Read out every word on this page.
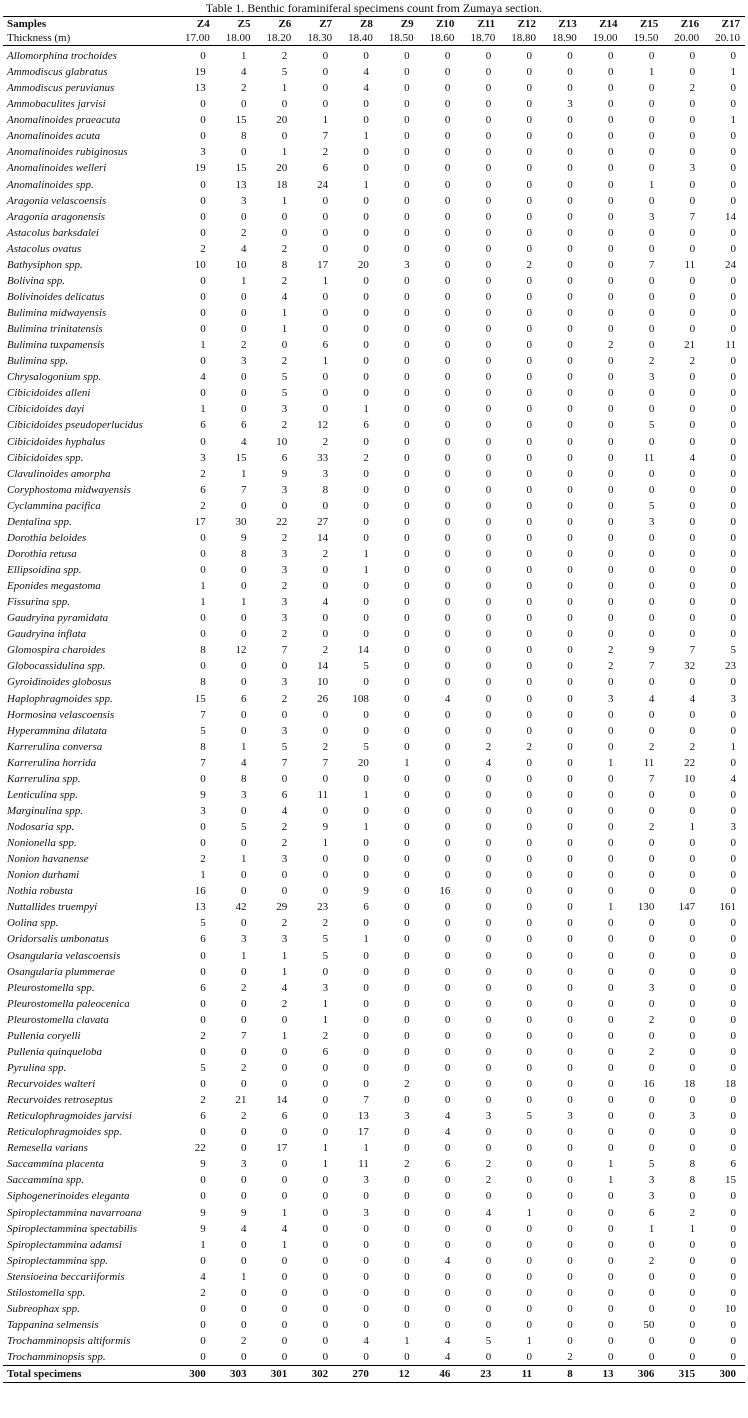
Table 1. Benthic foraminiferal specimens count from Zumaya section.
Samples	Z4	Z5	Z6	Z7	Z8	Z9	Z10	Z11	Z12	Z13	Z14	Z15	Z16	Z17
Thickness (m)	17.00	18.00	18.20	18.30	18.40	18.50	18.60	18.70	18.80	18.90	19.00	19.50	20.00	20.10
Allomorphina trochoides	0	1	2	0	0	0	0	0	0	0	0	0	0	0
Ammodiscus glabratus	19	4	5	0	4	0	0	0	0	0	0	1	0	1
Ammodiscus peruvianus	13	2	1	0	4	0	0	0	0	0	0	0	2	0
Ammobaculites jarvisi	0	0	0	0	0	0	0	0	0	3	0	0	0	0
Anomalinoides praeacuta	0	15	20	1	0	0	0	0	0	0	0	0	0	1
Anomalinoides acuta	0	8	0	7	1	0	0	0	0	0	0	0	0	0
Anomalinoides rubiginosus	3	0	1	2	0	0	0	0	0	0	0	0	0	0
Anomalinoides welleri	19	15	20	6	0	0	0	0	0	0	0	0	3	0
Anomalinoides spp.	0	13	18	24	1	0	0	0	0	0	0	1	0	0
Aragonia velascoensis	0	3	1	0	0	0	0	0	0	0	0	0	0	0
Aragonia aragonensis	0	0	0	0	0	0	0	0	0	0	0	3	7	14
Astacolus barksdalei	0	2	0	0	0	0	0	0	0	0	0	0	0	0
Astacolus ovatus	2	4	2	0	0	0	0	0	0	0	0	0	0	0
Bathysiphon spp.	10	10	8	17	20	3	0	0	2	0	0	7	11	24
Bolivina spp.	0	1	2	1	0	0	0	0	0	0	0	0	0	0
Bolivinoides delicatus	0	0	4	0	0	0	0	0	0	0	0	0	0	0
Bulimina midwayensis	0	0	1	0	0	0	0	0	0	0	0	0	0	0
Bulimina trinitatensis	0	0	1	0	0	0	0	0	0	0	0	0	0	0
Bulimina tuxpamensis	1	2	0	6	0	0	0	0	0	0	2	0	21	11
Bulimina spp.	0	3	2	1	0	0	0	0	0	0	0	2	2	0
Chrysalogonium spp.	4	0	5	0	0	0	0	0	0	0	0	3	0	0
Cibicidoides alleni	0	0	5	0	0	0	0	0	0	0	0	0	0	0
Cibicidoides dayi	1	0	3	0	1	0	0	0	0	0	0	0	0	0
Cibicidoides pseudoperlucidus	6	6	2	12	6	0	0	0	0	0	0	5	0	0
Cibicidoides hyphalus	0	4	10	2	0	0	0	0	0	0	0	0	0	0
Cibicidoides spp.	3	15	6	33	2	0	0	0	0	0	0	11	4	0
Clavulinoides amorpha	2	1	9	3	0	0	0	0	0	0	0	0	0	0
Coryphostoma midwayensis	6	7	3	8	0	0	0	0	0	0	0	0	0	0
Cyclammina pacifica	2	0	0	0	0	0	0	0	0	0	0	5	0	0
Dentalina spp.	17	30	22	27	0	0	0	0	0	0	0	3	0	0
Dorothia beloides	0	9	2	14	0	0	0	0	0	0	0	0	0	0
Dorothia retusa	0	8	3	2	1	0	0	0	0	0	0	0	0	0
Ellipsoidina spp.	0	0	3	0	1	0	0	0	0	0	0	0	0	0
Eponides megastoma	1	0	2	0	0	0	0	0	0	0	0	0	0	0
Fissurina spp.	1	1	3	4	0	0	0	0	0	0	0	0	0	0
Gaudryina pyramidata	0	0	3	0	0	0	0	0	0	0	0	0	0	0
Gaudryina inflata	0	0	2	0	0	0	0	0	0	0	0	0	0	0
Glomospira charoides	8	12	7	2	14	0	0	0	0	0	2	9	7	5
Globocassidulina spp.	0	0	0	14	5	0	0	0	0	0	2	7	32	23
Gyroidinoides globosus	8	0	3	10	0	0	0	0	0	0	0	0	0	0
Haplophragmoides spp.	15	6	2	26	108	0	4	0	0	0	3	4	4	3
Hormosina velascoensis	7	0	0	0	0	0	0	0	0	0	0	0	0	0
Hyperammina dilatata	5	0	3	0	0	0	0	0	0	0	0	0	0	0
Karrerulina conversa	8	1	5	2	5	0	0	2	2	0	0	2	2	1
Karrerulina horrida	7	4	7	7	20	1	0	4	0	0	1	11	22	0
Karrerulina spp.	0	8	0	0	0	0	0	0	0	0	0	7	10	4
Lenticulina spp.	9	3	6	11	1	0	0	0	0	0	0	0	0	0
Marginulina spp.	3	0	4	0	0	0	0	0	0	0	0	0	0	0
Nodosaria spp.	0	5	2	9	1	0	0	0	0	0	0	2	1	3
Nonionella spp.	0	0	2	1	0	0	0	0	0	0	0	0	0	0
Nonion havanense	2	1	3	0	0	0	0	0	0	0	0	0	0	0
Nonion durhami	1	0	0	0	0	0	0	0	0	0	0	0	0	0
Nothia robusta	16	0	0	0	9	0	16	0	0	0	0	0	0	0
Nuttallides truempyi	13	42	29	23	6	0	0	0	0	0	1	130	147	161
Oolina spp.	5	0	2	2	0	0	0	0	0	0	0	0	0	0
Oridorsalis umbonatus	6	3	3	5	1	0	0	0	0	0	0	0	0	0
Osangularia velascoensis	0	1	1	5	0	0	0	0	0	0	0	0	0	0
Osangularia plummerae	0	0	1	0	0	0	0	0	0	0	0	0	0	0
Pleurostomella spp.	6	2	4	3	0	0	0	0	0	0	0	3	0	0
Pleurostomella paleocenica	0	0	2	1	0	0	0	0	0	0	0	0	0	0
Pleurostomella clavata	0	0	0	1	0	0	0	0	0	0	0	2	0	0
Pullenia coryelli	2	7	1	2	0	0	0	0	0	0	0	0	0	0
Pullenia quinqueloba	0	0	0	6	0	0	0	0	0	0	0	2	0	0
Pyrulina spp.	5	2	0	0	0	0	0	0	0	0	0	0	0	0
Recurvoides walteri	0	0	0	0	0	2	0	0	0	0	0	16	18	18
Recurvoides retroseptus	2	21	14	0	7	0	0	0	0	0	0	0	0	0
Reticulophragmoides jarvisi	6	2	6	0	13	3	4	3	5	3	0	0	3	0
Reticulophragmoides spp.	0	0	0	0	17	0	4	0	0	0	0	0	0	0
Remesella varians	22	0	17	1	1	0	0	0	0	0	0	0	0	0
Saccammina placenta	9	3	0	1	11	2	6	2	0	0	1	5	8	6
Saccammina spp.	0	0	0	0	3	0	0	2	0	0	1	3	8	15
Siphogenerinoides eleganta	0	0	0	0	0	0	0	0	0	0	0	3	0	0
Spiroplectammina navarroana	9	9	1	0	3	0	0	4	1	0	0	6	2	0
Spiroplectammina spectabilis	9	4	4	0	0	0	0	0	0	0	0	1	1	0
Spiroplectammina adamsi	1	0	1	0	0	0	0	0	0	0	0	0	0	0
Spiroplectammina spp.	0	0	0	0	0	0	4	0	0	0	0	2	0	0
Stensioeina beccariiformis	4	1	0	0	0	0	0	0	0	0	0	0	0	0
Stilostomella spp.	2	0	0	0	0	0	0	0	0	0	0	0	0	0
Subreophax spp.	0	0	0	0	0	0	0	0	0	0	0	0	0	10
Tappanina selmensis	0	0	0	0	0	0	0	0	0	0	0	50	0	0
Trochamminopsis altiformis	0	2	0	0	4	1	4	5	1	0	0	0	0	0
Trochamminopsis spp.	0	0	0	0	0	0	4	0	0	2	0	0	0	0
Total specimens	300	303	301	302	270	12	46	23	11	8	13	306	315	300
